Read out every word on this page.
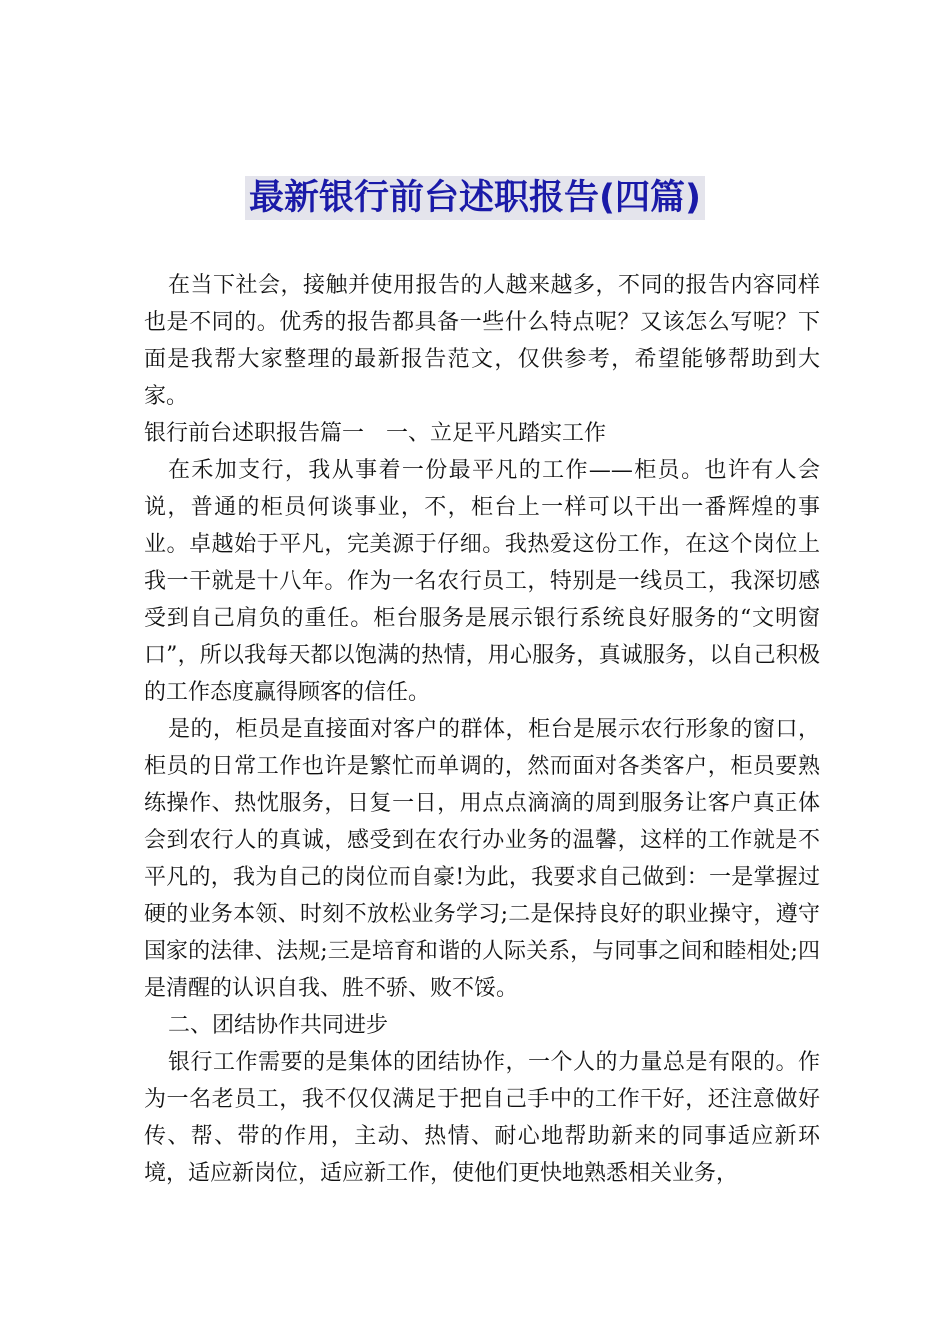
最新银行前台述职报告(四篇)

在当下社会，接触并使用报告的人越来越多，不同的报告内容同样也是不同的。优秀的报告都具备一些什么特点呢？又该怎么写呢？下面是我帮大家整理的最新报告范文，仅供参考，希望能够帮助到大家。

银行前台述职报告篇一　一、立足平凡踏实工作

在禾加支行，我从事着一份最平凡的工作——柜员。也许有人会说，普通的柜员何谈事业，不，柜台上一样可以干出一番辉煌的事业。卓越始于平凡，完美源于仔细。我热爱这份工作，在这个岗位上我一干就是十八年。作为一名农行员工，特别是一线员工，我深切感受到自己肩负的重任。柜台服务是展示银行系统良好服务的“文明窗口”，所以我每天都以饱满的热情，用心服务，真诚服务，以自己积极的工作态度赢得顾客的信任。

是的，柜员是直接面对客户的群体，柜台是展示农行形象的窗口，柜员的日常工作也许是繁忙而单调的，然而面对各类客户，柜员要熟练操作、热忱服务，日复一日，用点点滴滴的周到服务让客户真正体会到农行人的真诚，感受到在农行办业务的温馨，这样的工作就是不平凡的，我为自己的岗位而自豪!为此，我要求自己做到：一是掌握过硬的业务本领、时刻不放松业务学习;二是保持良好的职业操守，遵守国家的法律、法规;三是培育和谐的人际关系，与同事之间和睦相处;四是清醒的认识自我、胜不骄、败不馁。

二、团结协作共同进步

银行工作需要的是集体的团结协作，一个人的力量总是有限的。作为一名老员工，我不仅仅满足于把自己手中的工作干好，还注意做好传、帮、带的作用，主动、热情、耐心地帮助新来的同事适应新环境，适应新岗位，适应新工作，使他们更快地熟悉相关业务，
